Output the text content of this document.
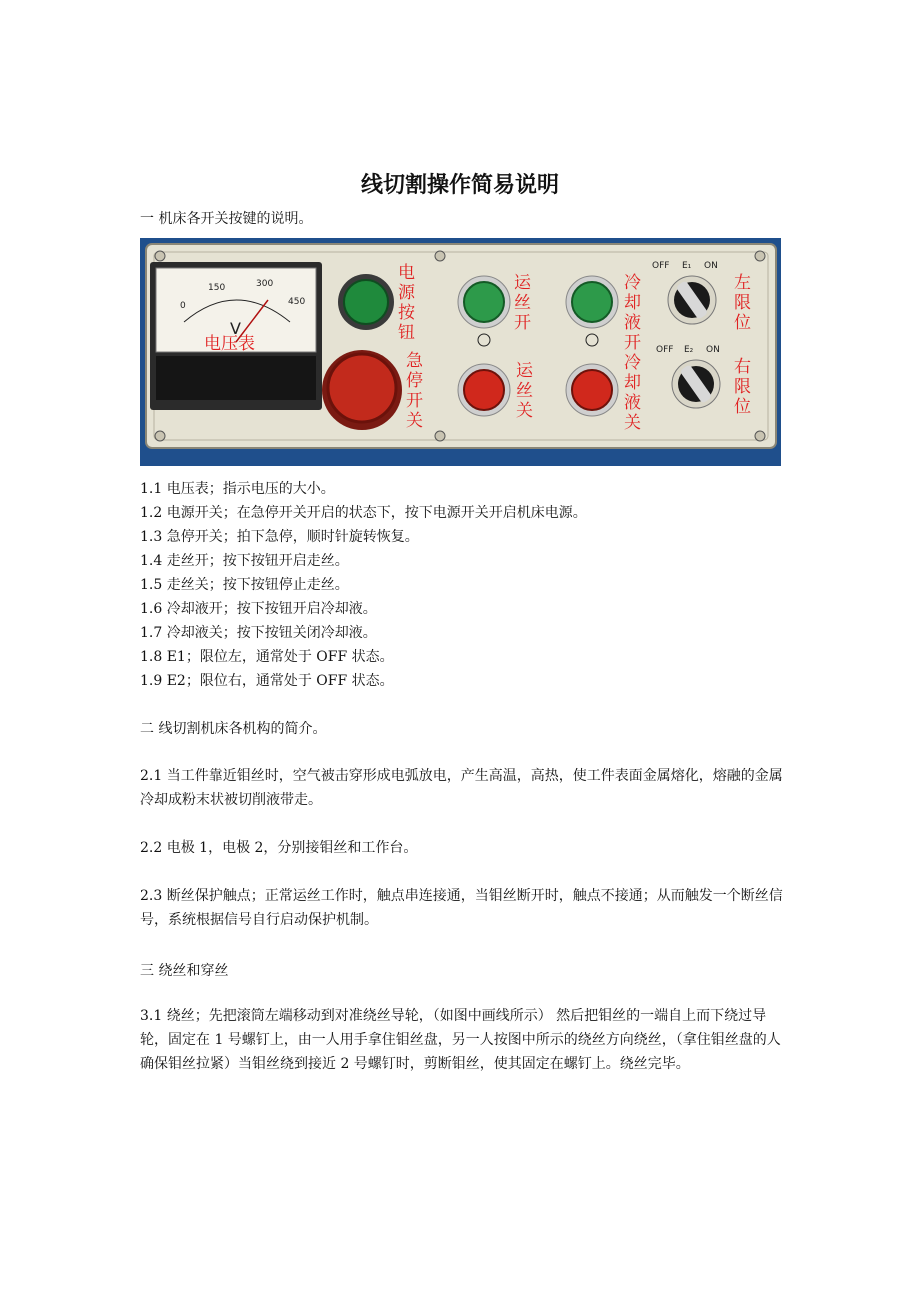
线切割操作简易说明
一 机床各开关按键的说明。
0
150	300
450
V
电压表
电 源 按 钮
急 停 开 关
运 丝 开
运 丝 关
冷 却 液 开
冷 却 液 关
OFF E₁ ON
左 限 位
OFF E₂ ON
右 限 位
1.1 电压表；指示电压的大小。
1.2 电源开关；在急停开关开启的状态下，按下电源开关开启机床电源。
1.3 急停开关；拍下急停，顺时针旋转恢复。
1.4 走丝开；按下按钮开启走丝。
1.5 走丝关；按下按钮停止走丝。
1.6 冷却液开；按下按钮开启冷却液。
1.7 冷却液关；按下按钮关闭冷却液。
1.8 E1；限位左，通常处于 OFF 状态。
1.9 E2；限位右，通常处于 OFF 状态。
二 线切割机床各机构的简介。
2.1 当工件靠近钼丝时，空气被击穿形成电弧放电，产生高温，高热，使工件表面金属熔化，熔融的金属冷却成粉末状被切削液带走。
2.2 电极 1，电极 2，分别接钼丝和工作台。
2.3 断丝保护触点；正常运丝工作时，触点串连接通，当钼丝断开时，触点不接通；从而触发一个断丝信号，系统根据信号自行启动保护机制。
三 绕丝和穿丝
3.1 绕丝；先把滚筒左端移动到对准绕丝导轮，（如图中画线所示） 然后把钼丝的一端自上而下绕过导轮，固定在 1 号螺钉上，由一人用手拿住钼丝盘，另一人按图中所示的绕丝方向绕丝，（拿住钼丝盘的人确保钼丝拉紧）当钼丝绕到接近 2 号螺钉时，剪断钼丝，使其固定在螺钉上。绕丝完毕。
